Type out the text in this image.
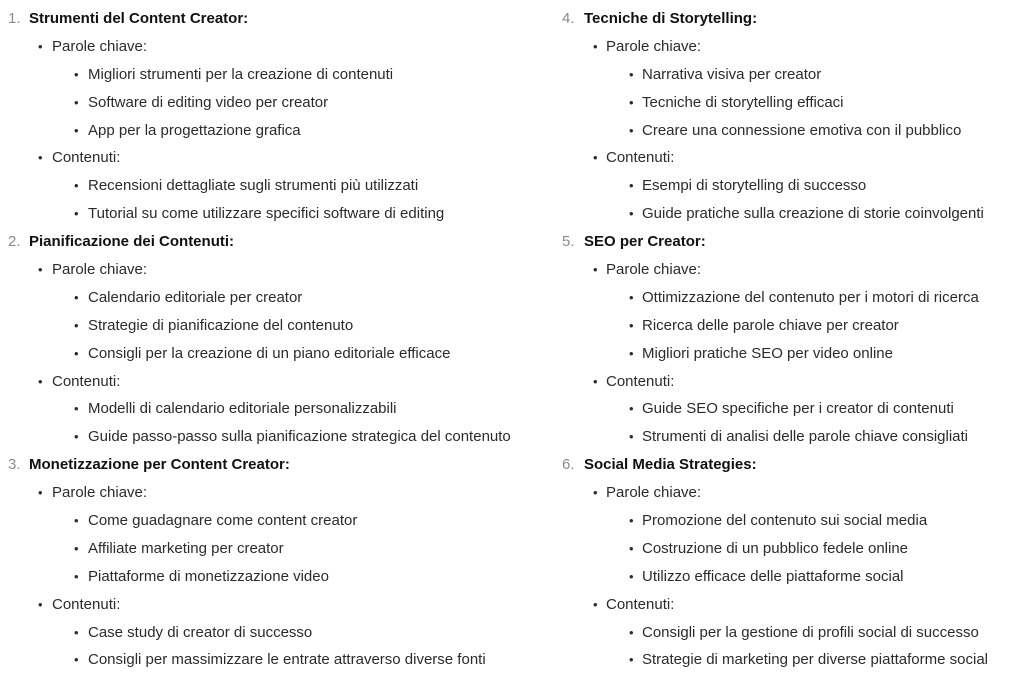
1. Strumenti del Content Creator:
• Parole chiave:
• Migliori strumenti per la creazione di contenuti
• Software di editing video per creator
• App per la progettazione grafica
• Contenuti:
• Recensioni dettagliate sugli strumenti più utilizzati
• Tutorial su come utilizzare specifici software di editing
2. Pianificazione dei Contenuti:
• Parole chiave:
• Calendario editoriale per creator
• Strategie di pianificazione del contenuto
• Consigli per la creazione di un piano editoriale efficace
• Contenuti:
• Modelli di calendario editoriale personalizzabili
• Guide passo-passo sulla pianificazione strategica del contenuto
3. Monetizzazione per Content Creator:
• Parole chiave:
• Come guadagnare come content creator
• Affiliate marketing per creator
• Piattaforme di monetizzazione video
• Contenuti:
• Case study di creator di successo
• Consigli per massimizzare le entrate attraverso diverse fonti
4. Tecniche di Storytelling:
• Parole chiave:
• Narrativa visiva per creator
• Tecniche di storytelling efficaci
• Creare una connessione emotiva con il pubblico
• Contenuti:
• Esempi di storytelling di successo
• Guide pratiche sulla creazione di storie coinvolgenti
5. SEO per Creator:
• Parole chiave:
• Ottimizzazione del contenuto per i motori di ricerca
• Ricerca delle parole chiave per creator
• Migliori pratiche SEO per video online
• Contenuti:
• Guide SEO specifiche per i creator di contenuti
• Strumenti di analisi delle parole chiave consigliati
6. Social Media Strategies:
• Parole chiave:
• Promozione del contenuto sui social media
• Costruzione di un pubblico fedele online
• Utilizzo efficace delle piattaforme social
• Contenuti:
• Consigli per la gestione di profili social di successo
• Strategie di marketing per diverse piattaforme social
